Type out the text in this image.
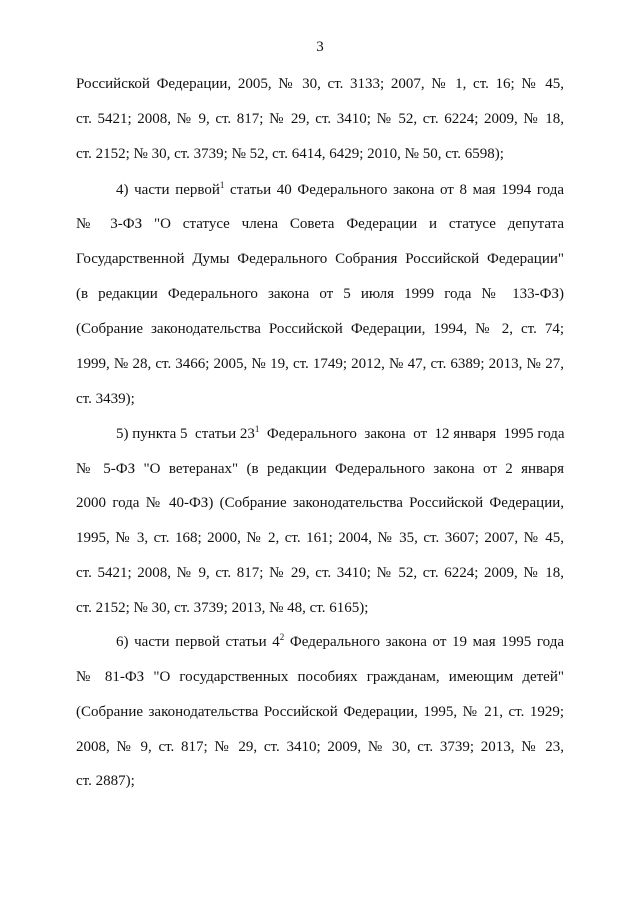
3
Российской Федерации, 2005, № 30, ст. 3133; 2007, № 1, ст. 16; № 45,
ст. 5421; 2008, № 9, ст. 817; № 29, ст. 3410; № 52, ст. 6224; 2009, № 18,
ст. 2152; № 30, ст. 3739; № 52, ст. 6414, 6429; 2010, № 50, ст. 6598);
4) части первой$^1$ статьи 40 Федерального закона от 8 мая 1994 года
№ 3-ФЗ "О статусе члена Совета Федерации и статусе депутата
Государственной Думы Федерального Собрания Российской Федерации"
(в редакции Федерального закона от 5 июля 1999 года № 133-ФЗ)
(Собрание законодательства Российской Федерации, 1994, № 2, ст. 74;
1999, № 28, ст. 3466; 2005, № 19, ст. 1749; 2012, № 47, ст. 6389; 2013, № 27,
ст. 3439);
5) пункта 5  статьи $23^1$  Федерального  закона  от  12 января  1995 года
№ 5-ФЗ "О ветеранах" (в редакции Федерального закона от 2 января
2000 года № 40-ФЗ) (Собрание законодательства Российской Федерации,
1995, № 3, ст. 168; 2000, № 2, ст. 161; 2004, № 35, ст. 3607; 2007, № 45,
ст. 5421; 2008, № 9, ст. 817; № 29, ст. 3410; № 52, ст. 6224; 2009, № 18,
ст. 2152; № 30, ст. 3739; 2013, № 48, ст. 6165);
6) части первой статьи $4^2$ Федерального закона от 19 мая 1995 года
№ 81-ФЗ "О государственных пособиях гражданам, имеющим детей"
(Собрание законодательства Российской Федерации, 1995, № 21, ст. 1929;
2008, № 9, ст. 817; № 29, ст. 3410; 2009, № 30, ст. 3739; 2013, № 23,
ст. 2887);
